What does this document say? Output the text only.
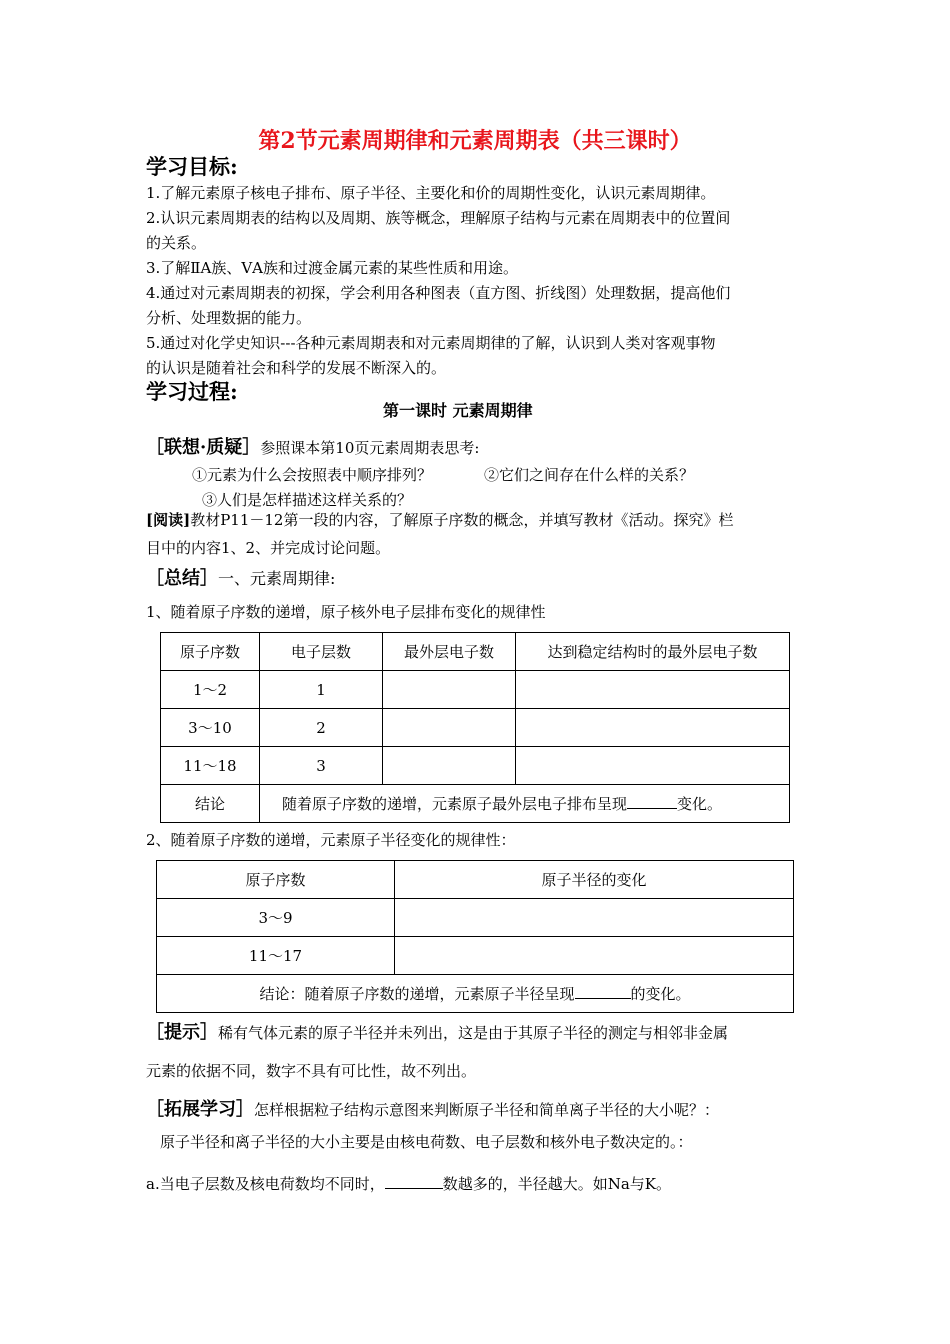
第2节元素周期律和元素周期表（共三课时）
学习目标:
1.了解元素原子核电子排布、原子半径、主要化和价的周期性变化，认识元素周期律。
2.认识元素周期表的结构以及周期、族等概念，理解原子结构与元素在周期表中的位置间
的关系。
3.了解ⅡA族、ⅤA族和过渡金属元素的某些性质和用途。
4.通过对元素周期表的初探，学会利用各种图表（直方图、折线图）处理数据，提高他们
分析、处理数据的能力。
5.通过对化学史知识---各种元素周期表和对元素周期律的了解，认识到人类对客观事物
的认识是随着社会和科学的发展不断深入的。
学习过程:
第一课时 元素周期律
［联想·质疑］参照课本第10页元素周期表思考:
①元素为什么会按照表中顺序排列？	②它们之间存在什么样的关系？
③人们是怎样描述这样关系的？
[阅读]教材P11－12第一段的内容，了解原子序数的概念，并填写教材《活动。探究》栏
目中的内容1、2、并完成讨论问题。
［总结］一、元素周期律:
1、随着原子序数的递增，原子核外电子层排布变化的规律性
原子序数	电子层数	最外层电子数	达到稳定结构时的最外层电子数
1～2	1		
3～10	2		
11～18	3		
结论	随着原子序数的递增，元素原子最外层电子排布呈现 变化。		
2、随着原子序数的递增，元素原子半径变化的规律性：
原子序数	原子半径的变化
3～9	
11～17	
结论：随着原子序数的递增，元素原子半径呈现 的变化。	
［提示］稀有气体元素的原子半径并未列出，这是由于其原子半径的测定与相邻非金属
元素的依据不同，数字不具有可比性，故不列出。
［拓展学习］怎样根据粒子结构示意图来判断原子半径和简单离子半径的大小呢？：
原子半径和离子半径的大小主要是由核电荷数、电子层数和核外电子数决定的。：
a.当电子层数及核电荷数均不同时，	数越多的，半径越大。如Na与K。
